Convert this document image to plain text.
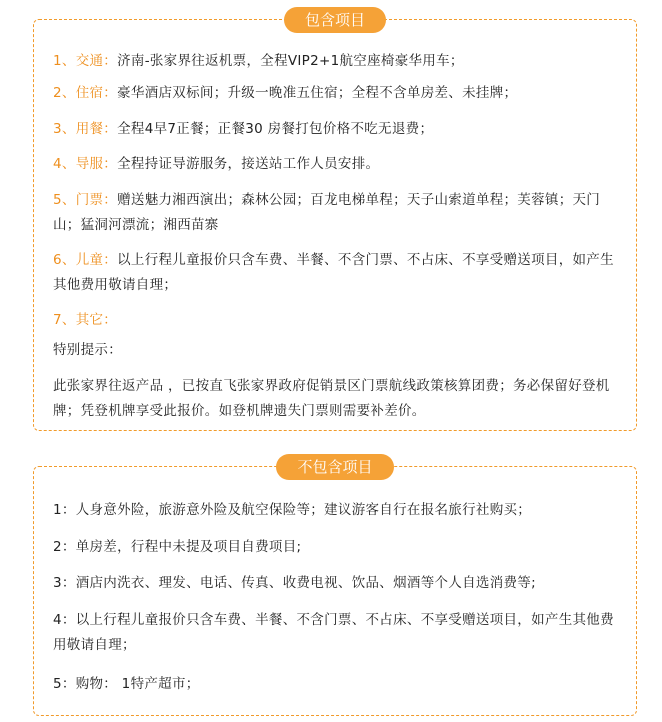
包含项目
1、交通：济南-张家界往返机票，全程VIP2+1航空座椅豪华用车；
2、住宿：豪华酒店双标间；升级一晚准五住宿；全程不含单房差、未挂牌；
3、用餐：全程4早7正餐；正餐30 房餐打包价格不吃无退费；
4、导服：全程持证导游服务，接送站工作人员安排。
5、门票：赠送魅力湘西演出；森林公园；百龙电梯单程；天子山索道单程；芙蓉镇；天门山；猛洞河漂流；湘西苗寨
6、儿童：以上行程儿童报价只含车费、半餐、不含门票、不占床、不享受赠送项目，如产生其他费用敬请自理；
7、其它：
特别提示：
此张家界往返产品 ，已按直飞张家界政府促销景区门票航线政策核算团费；务必保留好登机牌；凭登机牌享受此报价。如登机牌遗失门票则需要补差价。
不包含项目
1：人身意外险，旅游意外险及航空保险等；建议游客自行在报名旅行社购买；
2：单房差，行程中未提及项目自费项目;
3：酒店内洗衣、理发、电话、传真、收费电视、饮品、烟酒等个人自选消费等;
4：以上行程儿童报价只含车费、半餐、不含门票、不占床、不享受赠送项目，如产生其他费用敬请自理；
5：购物： 1特产超市；
